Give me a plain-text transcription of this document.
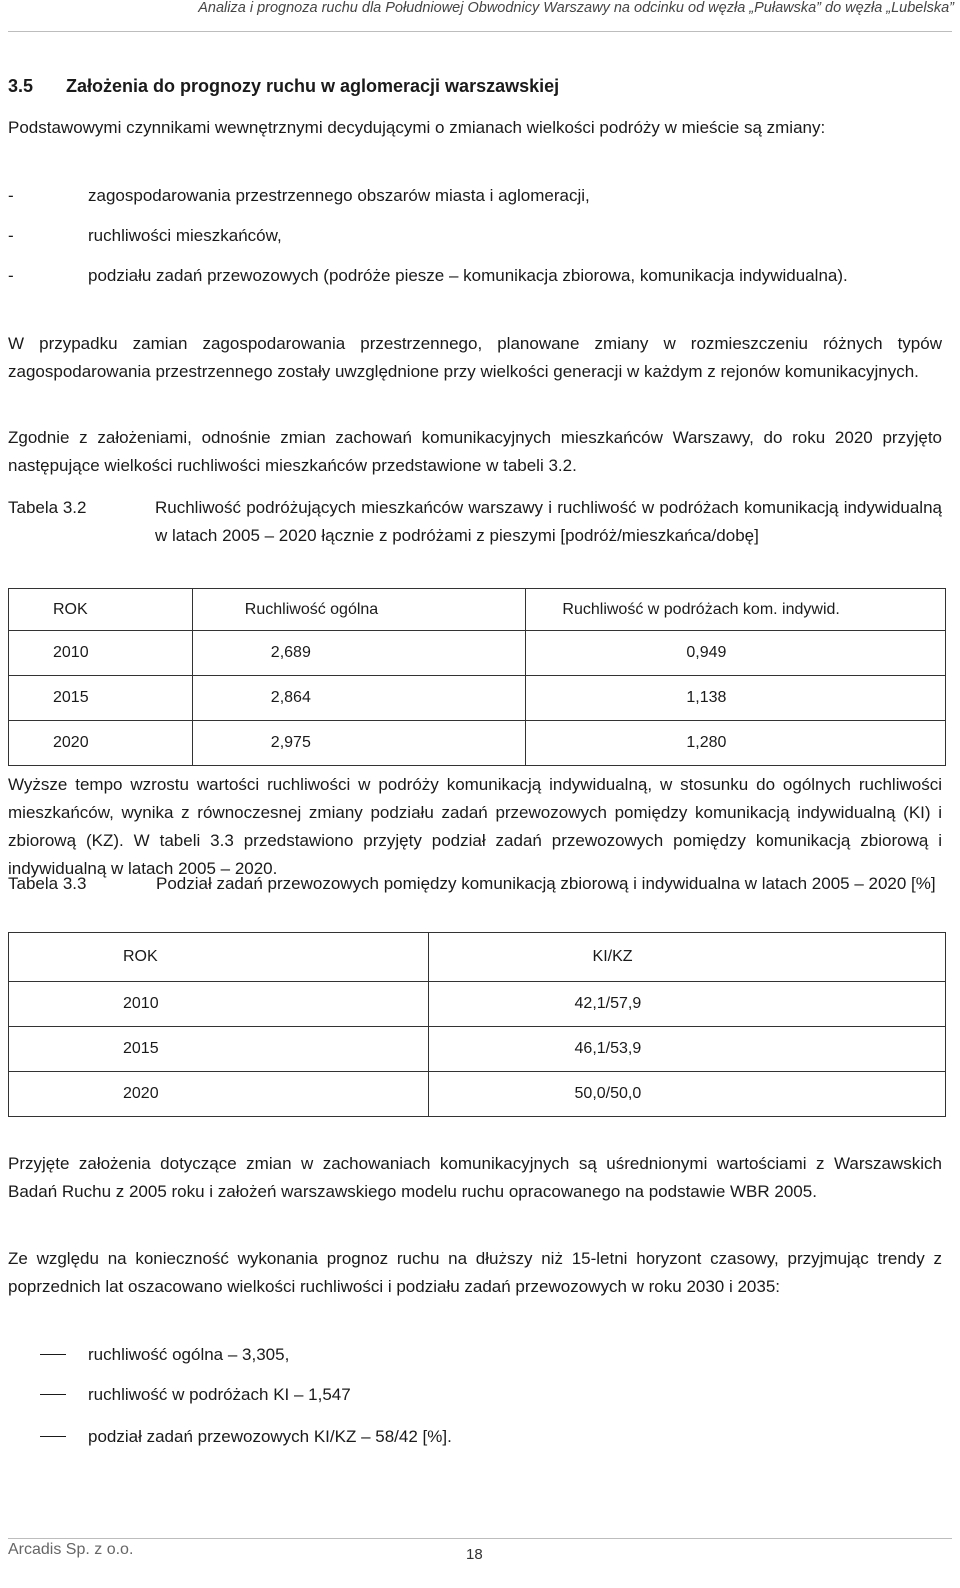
Analiza i prognoza ruchu dla Południowej Obwodnicy Warszawy na odcinku od węzła „Puławska” do węzła „Lubelska”
3.5 Założenia do prognozy ruchu w aglomeracji warszawskiej

Podstawowymi czynnikami wewnętrznymi decydującymi o zmianach wielkości podróży w mieście są zmiany:

-	zagospodarowania przestrzennego obszarów miasta i aglomeracji,
-	ruchliwości mieszkańców,
-	podziału zadań przewozowych (podróże piesze – komunikacja zbiorowa, komunikacja indywidualna).

W przypadku zamian zagospodarowania przestrzennego, planowane zmiany w rozmieszczeniu różnych typów zagospodarowania przestrzennego zostały uwzględnione przy wielkości generacji w każdym z rejonów komunikacyjnych.

Zgodnie z założeniami, odnośnie zmian zachowań komunikacyjnych mieszkańców Warszawy, do roku 2020 przyjęto następujące wielkości ruchliwości mieszkańców przedstawione w tabeli 3.2.

Tabela 3.2	Ruchliwość podróżujących mieszkańców warszawy i ruchliwość w podróżach komunikacją indywidualną w latach 2005 – 2020 łącznie z podróżami z pieszymi [podróż/mieszkańca/dobę]
ROK	Ruchliwość ogólna	Ruchliwość w podróżach kom. indywid.
2010	2,689	0,949
2015	2,864	1,138
2020	2,975	1,280

Wyższe tempo wzrostu wartości ruchliwości w podróży komunikacją indywidualną, w stosunku do ogólnych ruchliwości mieszkańców, wynika z równoczesnej zmiany podziału zadań przewozowych pomiędzy komunikacją indywidualną (KI) i zbiorową (KZ). W tabeli 3.3 przedstawiono przyjęty podział zadań przewozowych pomiędzy komunikacją zbiorową i indywidualną w latach 2005 – 2020.

Tabela 3.3	Podział zadań przewozowych pomiędzy komunikacją zbiorową i indywidualna w latach 2005 – 2020 [%]
ROK	KI/KZ
2010	42,1/57,9
2015	46,1/53,9
2020	50,0/50,0

Przyjęte założenia dotyczące zmian w zachowaniach komunikacyjnych są uśrednionymi wartościami z Warszawskich Badań Ruchu z 2005 roku i założeń warszawskiego modelu ruchu opracowanego na podstawie WBR 2005.

Ze względu na konieczność wykonania prognoz ruchu na dłuższy niż 15-letni horyzont czasowy, przyjmując trendy z poprzednich lat oszacowano wielkości ruchliwości i podziału zadań przewozowych w roku 2030 i 2035:

ruchliwość ogólna – 3,305,
ruchliwość w podróżach KI – 1,547
podział zadań przewozowych KI/KZ – 58/42 [%].
Arcadis Sp. z o.o.	18
